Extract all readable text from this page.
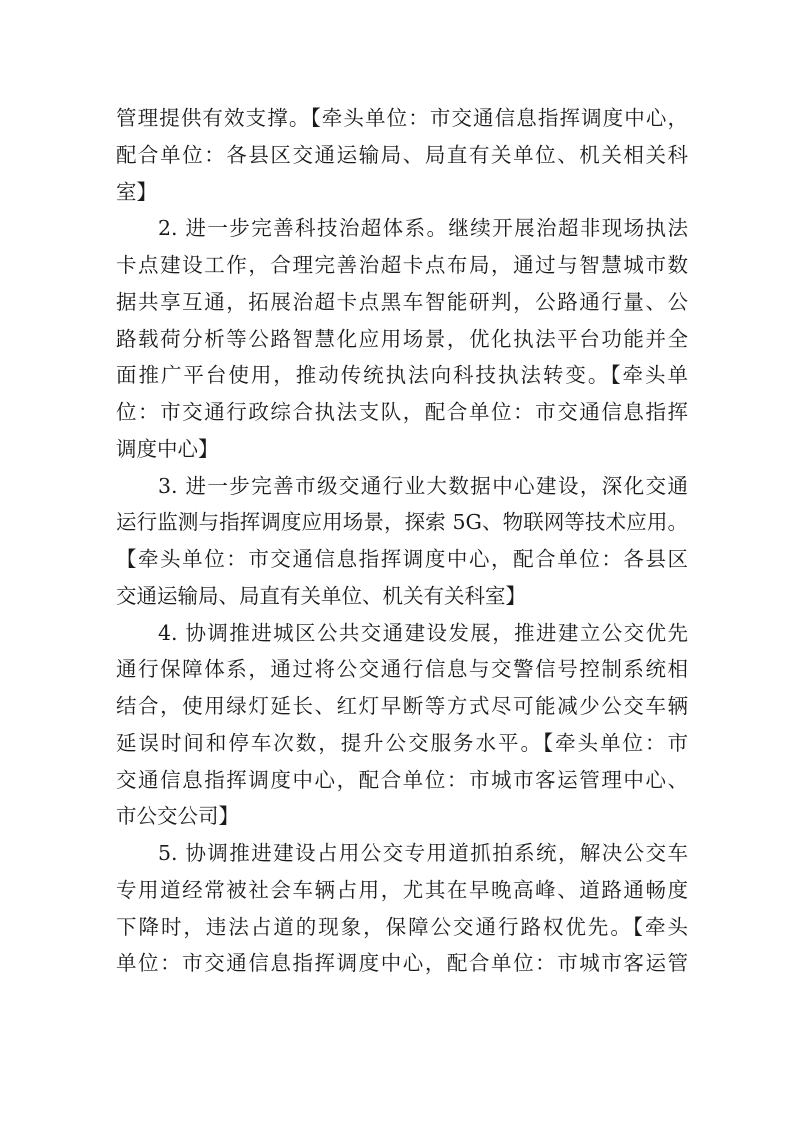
管理提供有效支撑。【牵头单位：市交通信息指挥调度中心，
配合单位：各县区交通运输局、局直有关单位、机关相关科
室】
2. 进一步完善科技治超体系。继续开展治超非现场执法
卡点建设工作，合理完善治超卡点布局，通过与智慧城市数
据共享互通，拓展治超卡点黑车智能研判，公路通行量、公
路载荷分析等公路智慧化应用场景，优化执法平台功能并全
面推广平台使用，推动传统执法向科技执法转变。【牵头单
位：市交通行政综合执法支队，配合单位：市交通信息指挥
调度中心】
3. 进一步完善市级交通行业大数据中心建设，深化交通
运行监测与指挥调度应用场景，探索 5G、物联网等技术应用。
【牵头单位：市交通信息指挥调度中心，配合单位：各县区
交通运输局、局直有关单位、机关有关科室】
4. 协调推进城区公共交通建设发展，推进建立公交优先
通行保障体系，通过将公交通行信息与交警信号控制系统相
结合，使用绿灯延长、红灯早断等方式尽可能减少公交车辆
延误时间和停车次数，提升公交服务水平。【牵头单位：市
交通信息指挥调度中心，配合单位：市城市客运管理中心、
市公交公司】
5. 协调推进建设占用公交专用道抓拍系统，解决公交车
专用道经常被社会车辆占用，尤其在早晚高峰、道路通畅度
下降时，违法占道的现象，保障公交通行路权优先。【牵头
单位：市交通信息指挥调度中心，配合单位：市城市客运管
